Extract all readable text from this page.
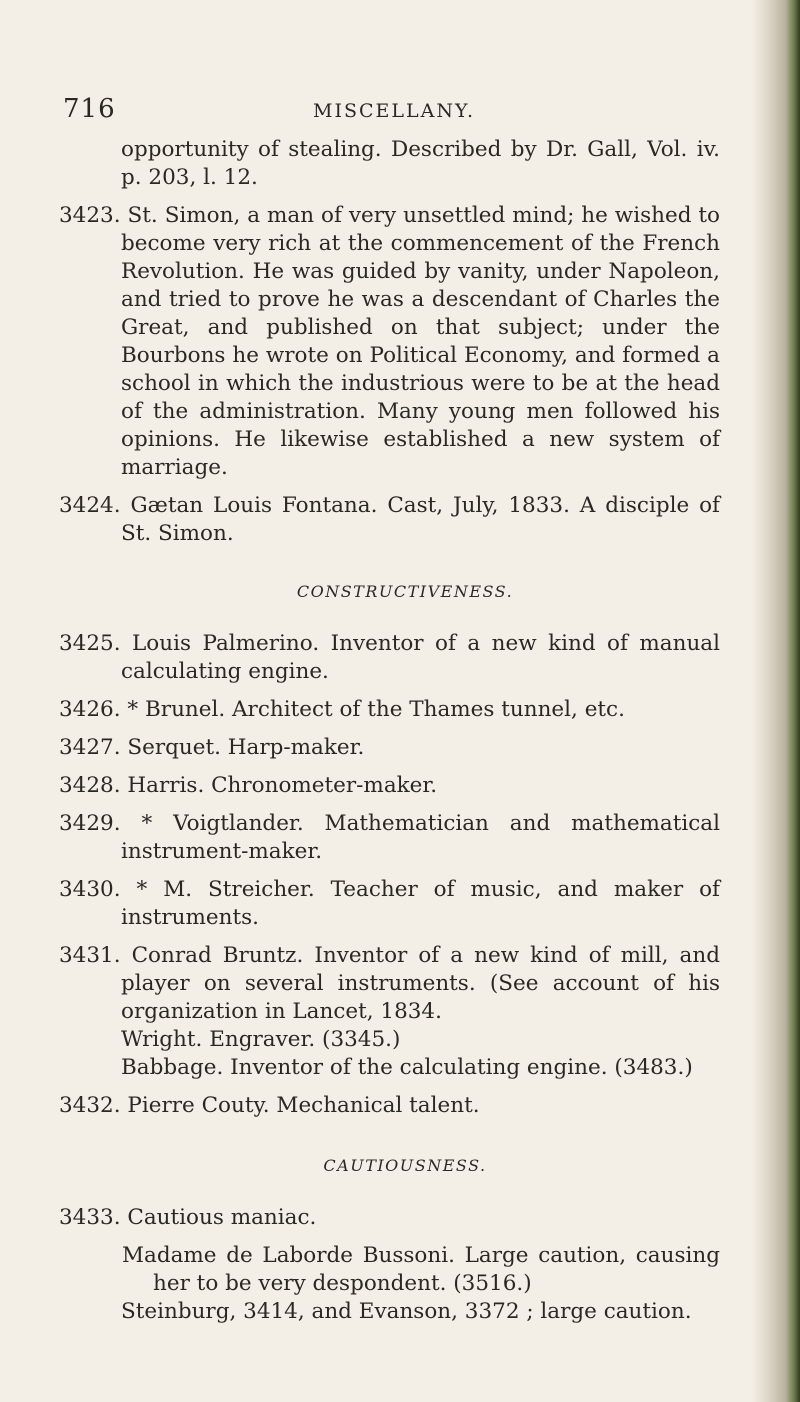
716	MISCELLANY.

opportunity of stealing. Described by Dr. Gall, Vol. iv. p. 203, l. 12.

3423. St. Simon, a man of very unsettled mind; he wished to become very rich at the commencement of the French Revolution. He was guided by vanity, under Napoleon, and tried to prove he was a descendant of Charles the Great, and published on that subject; under the Bourbons he wrote on Political Economy, and formed a school in which the industrious were to be at the head of the administration. Many young men followed his opinions. He likewise established a new system of marriage.

3424. Gætan Louis Fontana. Cast, July, 1833. A disciple of St. Simon.

CONSTRUCTIVENESS.

3425. Louis Palmerino. Inventor of a new kind of manual calculating engine.

3426. * Brunel. Architect of the Thames tunnel, etc.

3427. Serquet. Harp-maker.

3428. Harris. Chronometer-maker.

3429. * Voigtlander. Mathematician and mathematical instrument-maker.

3430. * M. Streicher. Teacher of music, and maker of instruments.

3431. Conrad Bruntz. Inventor of a new kind of mill, and player on several instruments. (See account of his organization in Lancet, 1834.

Wright. Engraver. (3345.)

Babbage. Inventor of the calculating engine. (3483.)

3432. Pierre Couty. Mechanical talent.

CAUTIOUSNESS.

3433. Cautious maniac.

Madame de Laborde Bussoni. Large caution, causing her to be very despondent. (3516.)

Steinburg, 3414, and Evanson, 3372 ; large caution.
